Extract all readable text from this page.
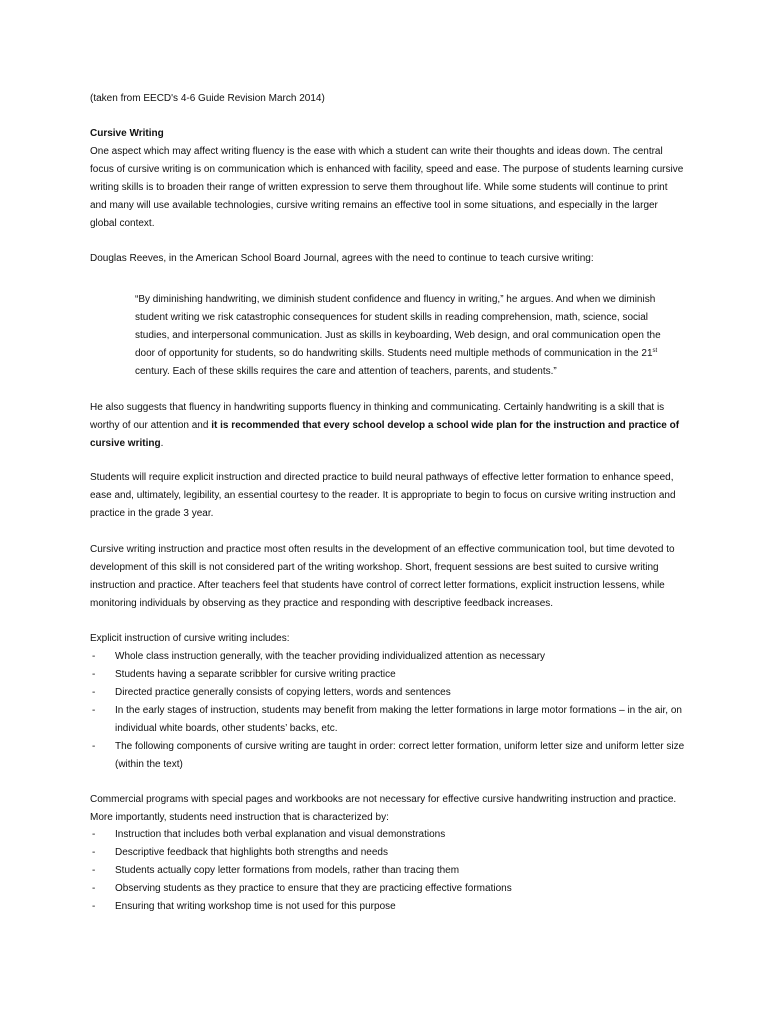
(taken from EECD's 4-6 Guide Revision March 2014)

Cursive Writing

One aspect which may affect writing fluency is the ease with which a student can write their thoughts and ideas down. The central focus of cursive writing is on communication which is enhanced with facility, speed and ease. The purpose of students learning cursive writing skills is to broaden their range of written expression to serve them throughout life. While some students will continue to print and many will use available technologies, cursive writing remains an effective tool in some situations, and especially in the larger global context.

Douglas Reeves, in the American School Board Journal, agrees with the need to continue to teach cursive writing:

“By diminishing handwriting, we diminish student confidence and fluency in writing,” he argues. And when we diminish student writing we risk catastrophic consequences for student skills in reading comprehension, math, science, social studies, and interpersonal communication. Just as skills in keyboarding, Web design, and oral communication open the door of opportunity for students, so do handwriting skills. Students need multiple methods of communication in the 21st century. Each of these skills requires the care and attention of teachers, parents, and students.”

He also suggests that fluency in handwriting supports fluency in thinking and communicating. Certainly handwriting is a skill that is worthy of our attention and it is recommended that every school develop a school wide plan for the instruction and practice of cursive writing.

Students will require explicit instruction and directed practice to build neural pathways of effective letter formation to enhance speed, ease and, ultimately, legibility, an essential courtesy to the reader. It is appropriate to begin to focus on cursive writing instruction and practice in the grade 3 year.

Cursive writing instruction and practice most often results in the development of an effective communication tool, but time devoted to development of this skill is not considered part of the writing workshop. Short, frequent sessions are best suited to cursive writing instruction and practice. After teachers feel that students have control of correct letter formations, explicit instruction lessens, while monitoring individuals by observing as they practice and responding with descriptive feedback increases.

Explicit instruction of cursive writing includes:

- Whole class instruction generally, with the teacher providing individualized attention as necessary
- Students having a separate scribbler for cursive writing practice
- Directed practice generally consists of copying letters, words and sentences
- In the early stages of instruction, students may benefit from making the letter formations in large motor formations – in the air, on individual white boards, other students’ backs, etc.
- The following components of cursive writing are taught in order: correct letter formation, uniform letter size and uniform letter size (within the text)

Commercial programs with special pages and workbooks are not necessary for effective cursive handwriting instruction and practice. More importantly, students need instruction that is characterized by:

- Instruction that includes both verbal explanation and visual demonstrations
- Descriptive feedback that highlights both strengths and needs
- Students actually copy letter formations from models, rather than tracing them
- Observing students as they practice to ensure that they are practicing effective formations
- Ensuring that writing workshop time is not used for this purpose
